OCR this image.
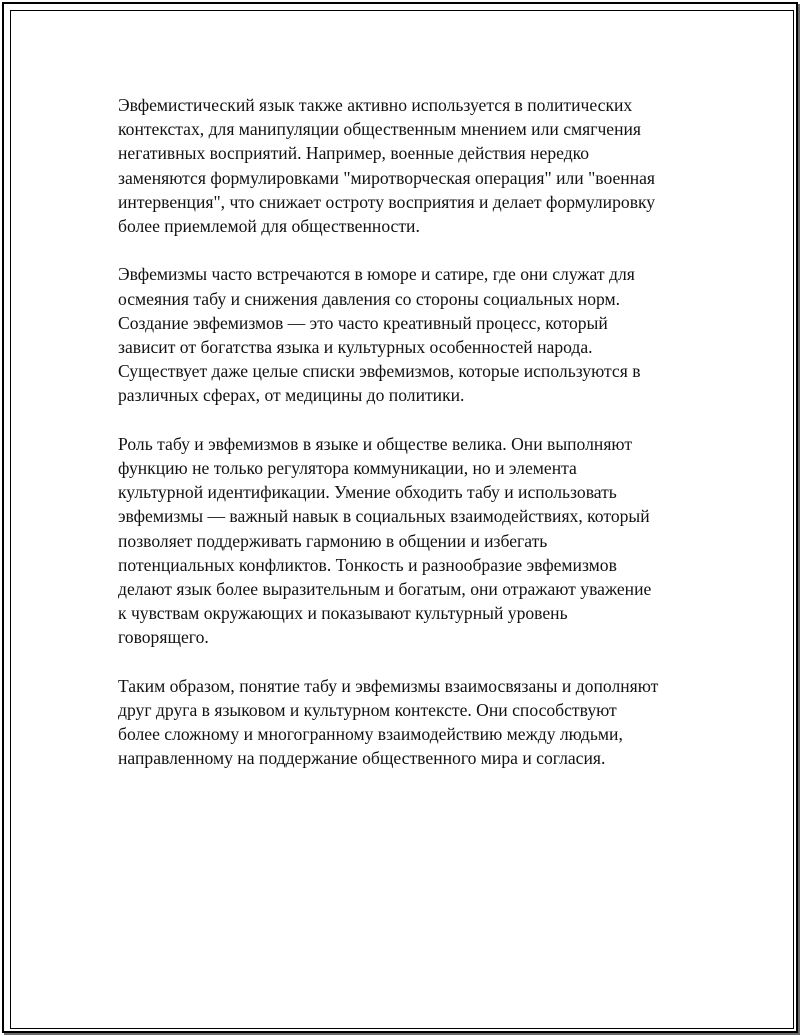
Эвфемистический язык также активно используется в политических
контекстах, для манипуляции общественным мнением или смягчения
негативных восприятий. Например, военные действия нередко
заменяются формулировками "миротворческая операция" или "военная
интервенция", что снижает остроту восприятия и делает формулировку
более приемлемой для общественности.

Эвфемизмы часто встречаются в юморе и сатире, где они служат для
осмеяния табу и снижения давления со стороны социальных норм.
Создание эвфемизмов — это часто креативный процесс, который
зависит от богатства языка и культурных особенностей народа.
Существует даже целые списки эвфемизмов, которые используются в
различных сферах, от медицины до политики.

Роль табу и эвфемизмов в языке и обществе велика. Они выполняют
функцию не только регулятора коммуникации, но и элемента
культурной идентификации. Умение обходить табу и использовать
эвфемизмы — важный навык в социальных взаимодействиях, который
позволяет поддерживать гармонию в общении и избегать
потенциальных конфликтов. Тонкость и разнообразие эвфемизмов
делают язык более выразительным и богатым, они отражают уважение
к чувствам окружающих и показывают культурный уровень
говорящего.

Таким образом, понятие табу и эвфемизмы взаимосвязаны и дополняют
друг друга в языковом и культурном контексте. Они способствуют
более сложному и многогранному взаимодействию между людьми,
направленному на поддержание общественного мира и согласия.
